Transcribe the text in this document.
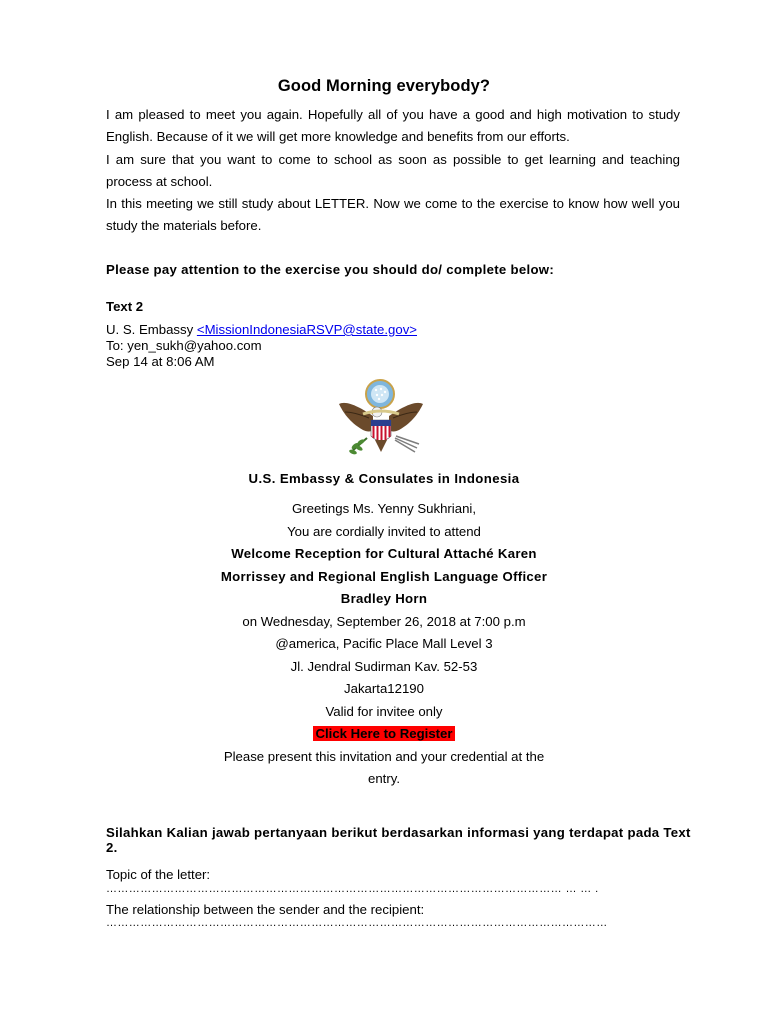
Good Morning everybody?

I am pleased to meet you again. Hopefully all of you have a good and high motivation to study English. Because of it we will get more knowledge and benefits from our efforts.

I am sure that you want to come to school as soon as possible to get learning and teaching process at school.

In this meeting we still study about LETTER. Now we come to the exercise to know how well you study the materials before.

Please pay attention to the exercise you should do/ complete below:
Text 2
U. S. Embassy <MissionIndonesiaRSVP@state.gov>
To: yen_sukh@yahoo.com
Sep 14 at 8:06 AM
U.S. Embassy & Consulates in Indonesia
Greetings Ms. Yenny Sukhriani,
You are cordially invited to attend
Welcome Reception for Cultural Attaché Karen
Morrissey and Regional English Language Officer
Bradley Horn
on Wednesday, September 26, 2018 at 7:00 p.m
@america, Pacific Place Mall Level 3
Jl. Jendral Sudirman Kav. 52-53
Jakarta12190
Valid for invitee only
Click Here to Register
Please present this invitation and your credential at the
entry.
Silahkan Kalian jawab pertanyaan berikut berdasarkan informasi yang terdapat pada Text 2.
Topic of the letter:
………………………………………………………………………………………………………… … … .
The relationship between the sender and the recipient:
……………………………………………………………………………………………………………………
